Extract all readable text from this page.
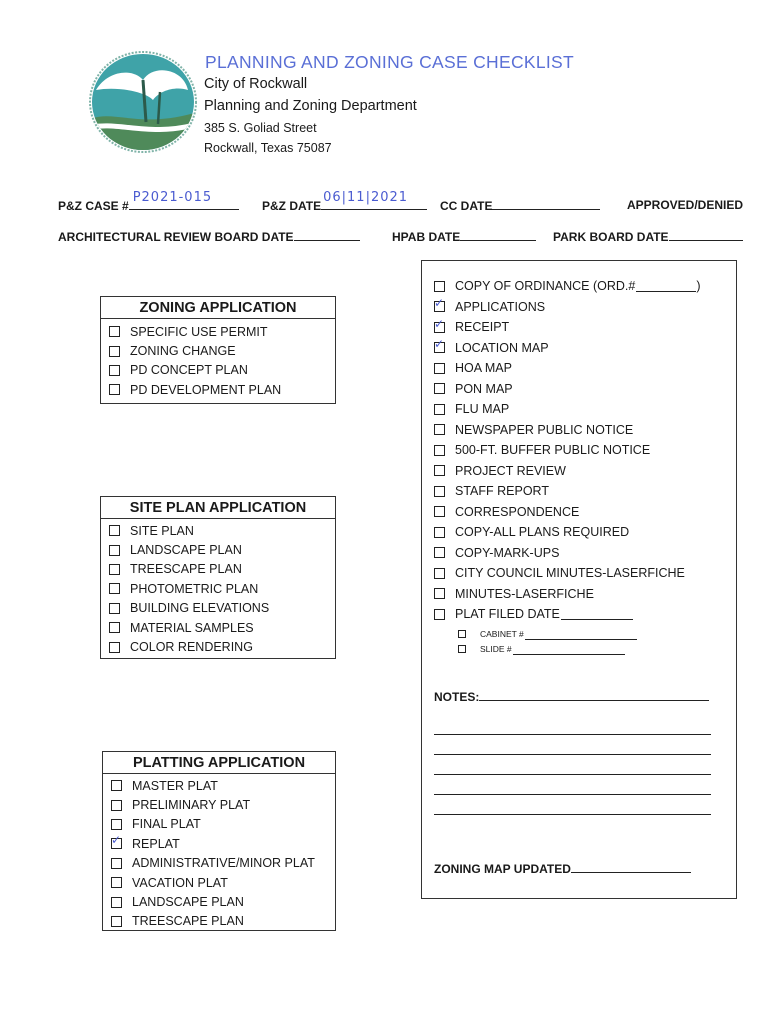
PLANNING AND ZONING CASE CHECKLIST
City of Rockwall
Planning and Zoning Department
385 S. Goliad Street
Rockwall, Texas 75087
P&Z CASE #
P2021-015
P&Z DATE
06|11|2021
CC DATE	APPROVED/DENIED
ARCHITECTURAL REVIEW BOARD DATE	HPAB DATE	PARK BOARD DATE
ZONING APPLICATION
SPECIFIC USE PERMIT
ZONING CHANGE
PD CONCEPT PLAN
PD DEVELOPMENT PLAN
SITE PLAN APPLICATION
SITE PLAN
LANDSCAPE PLAN
TREESCAPE PLAN
PHOTOMETRIC PLAN
BUILDING ELEVATIONS
MATERIAL SAMPLES
COLOR RENDERING
PLATTING APPLICATION
MASTER PLAT
PRELIMINARY PLAT
FINAL PLAT
✓
REPLAT
ADMINISTRATIVE/MINOR PLAT
VACATION PLAT
LANDSCAPE PLAN
TREESCAPE PLAN
COPY OF ORDINANCE (ORD.#	)
✓
APPLICATIONS
✓
RECEIPT
✓
LOCATION MAP
HOA MAP
PON MAP
FLU MAP
NEWSPAPER PUBLIC NOTICE
500-FT. BUFFER PUBLIC NOTICE
PROJECT REVIEW
STAFF REPORT
CORRESPONDENCE
COPY-ALL PLANS REQUIRED
COPY-MARK-UPS
CITY COUNCIL MINUTES-LASERFICHE
MINUTES-LASERFICHE
PLAT FILED DATE
CABINET #
SLIDE #
NOTES:
ZONING MAP UPDATED
